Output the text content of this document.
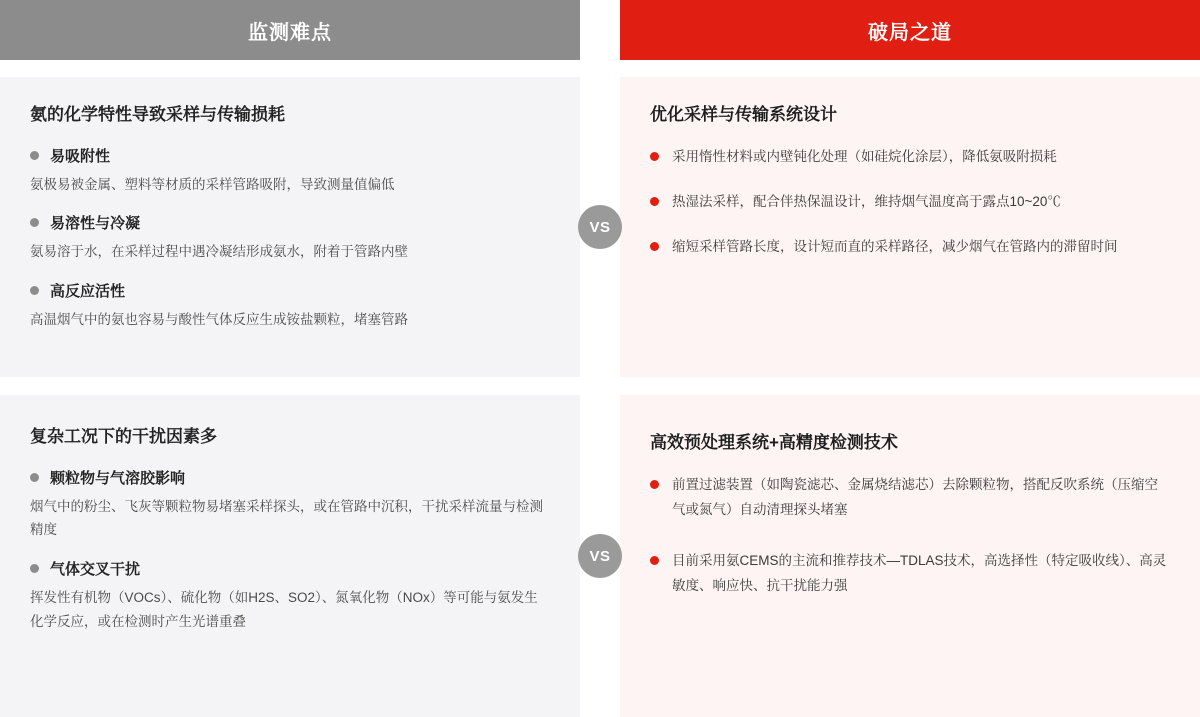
监测难点	破局之道
氨的化学特性导致采样与传输损耗
易吸附性

氨极易被金属、塑料等材质的采样管路吸附，导致测量值偏低

易溶性与冷凝

氨易溶于水，在采样过程中遇冷凝结形成氨水，附着于管路内壁

高反应活性

高温烟气中的氨也容易与酸性气体反应生成铵盐颗粒，堵塞管路

VS
优化采样与传输系统设计

采用惰性材料或内壁钝化处理（如硅烷化涂层），降低氨吸附损耗

热湿法采样，配合伴热保温设计，维持烟气温度高于露点10~20℃

缩短采样管路长度，设计短而直的采样路径，减少烟气在管路内的滞留时间

复杂工况下的干扰因素多
颗粒物与气溶胶影响

烟气中的粉尘、飞灰等颗粒物易堵塞采样探头，或在管路中沉积，干扰采样流量与检测精度

气体交叉干扰

挥发性有机物（VOCs）、硫化物（如H2S、SO2）、氮氧化物（NOx）等可能与氨发生化学反应，或在检测时产生光谱重叠

VS
高效预处理系统+高精度检测技术

前置过滤装置（如陶瓷滤芯、金属烧结滤芯）去除颗粒物，搭配反吹系统（压缩空气或氮气）自动清理探头堵塞

目前采用氨CEMS的主流和推荐技术—TDLAS技术，高选择性（特定吸收线）、高灵敏度、响应快、抗干扰能力强
